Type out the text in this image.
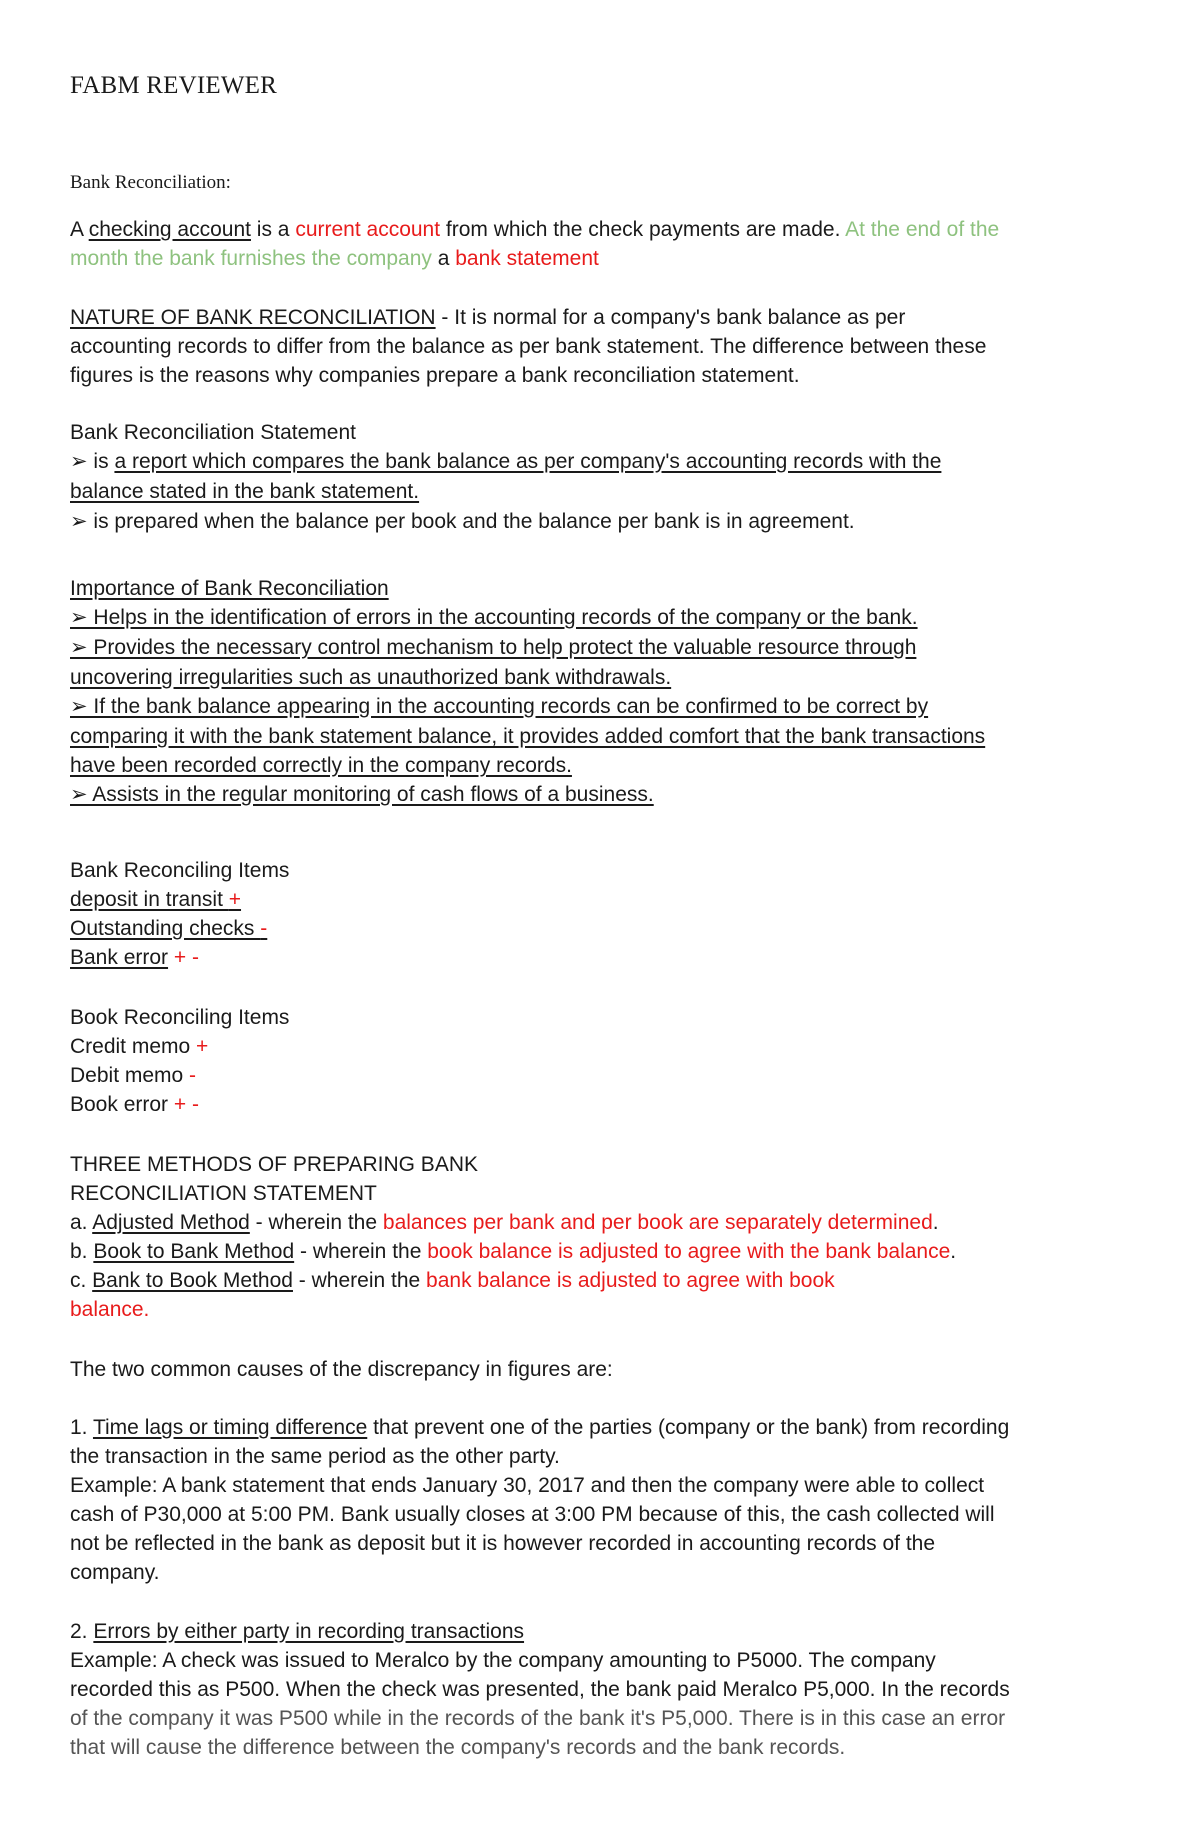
FABM REVIEWER
Bank Reconciliation:
A checking account is a current account from which the check payments are made. At the end of the
month the bank furnishes the company a bank statement
NATURE OF BANK RECONCILIATION - It is normal for a company's bank balance as per
accounting records to differ from the balance as per bank statement. The difference between these
figures is the reasons why companies prepare a bank reconciliation statement.
Bank Reconciliation Statement
➢ is a report which compares the bank balance as per company's accounting records with the
balance stated in the bank statement.
➢ is prepared when the balance per book and the balance per bank is in agreement.
Importance of Bank Reconciliation
➢ Helps in the identification of errors in the accounting records of the company or the bank.
➢ Provides the necessary control mechanism to help protect the valuable resource through
uncovering irregularities such as unauthorized bank withdrawals.
➢ If the bank balance appearing in the accounting records can be confirmed to be correct by
comparing it with the bank statement balance, it provides added comfort that the bank transactions
have been recorded correctly in the company records.
➢ Assists in the regular monitoring of cash flows of a business.
Bank Reconciling Items
deposit in transit +
Outstanding checks -
Bank error + -
Book Reconciling Items
Credit memo +
Debit memo -
Book error + -
THREE METHODS OF PREPARING BANK
RECONCILIATION STATEMENT
a. Adjusted Method - wherein the balances per bank and per book are separately determined.
b. Book to Bank Method - wherein the book balance is adjusted to agree with the bank balance.
c. Bank to Book Method - wherein the bank balance is adjusted to agree with book
balance.
The two common causes of the discrepancy in figures are:
1. Time lags or timing difference that prevent one of the parties (company or the bank) from recording
the transaction in the same period as the other party.
Example: A bank statement that ends January 30, 2017 and then the company were able to collect
cash of P30,000 at 5:00 PM. Bank usually closes at 3:00 PM because of this, the cash collected will
not be reflected in the bank as deposit but it is however recorded in accounting records of the
company.
2. Errors by either party in recording transactions
Example: A check was issued to Meralco by the company amounting to P5000. The company
recorded this as P500. When the check was presented, the bank paid Meralco P5,000. In the records
of the company it was P500 while in the records of the bank it's P5,000. There is in this case an error
that will cause the difference between the company's records and the bank records.
